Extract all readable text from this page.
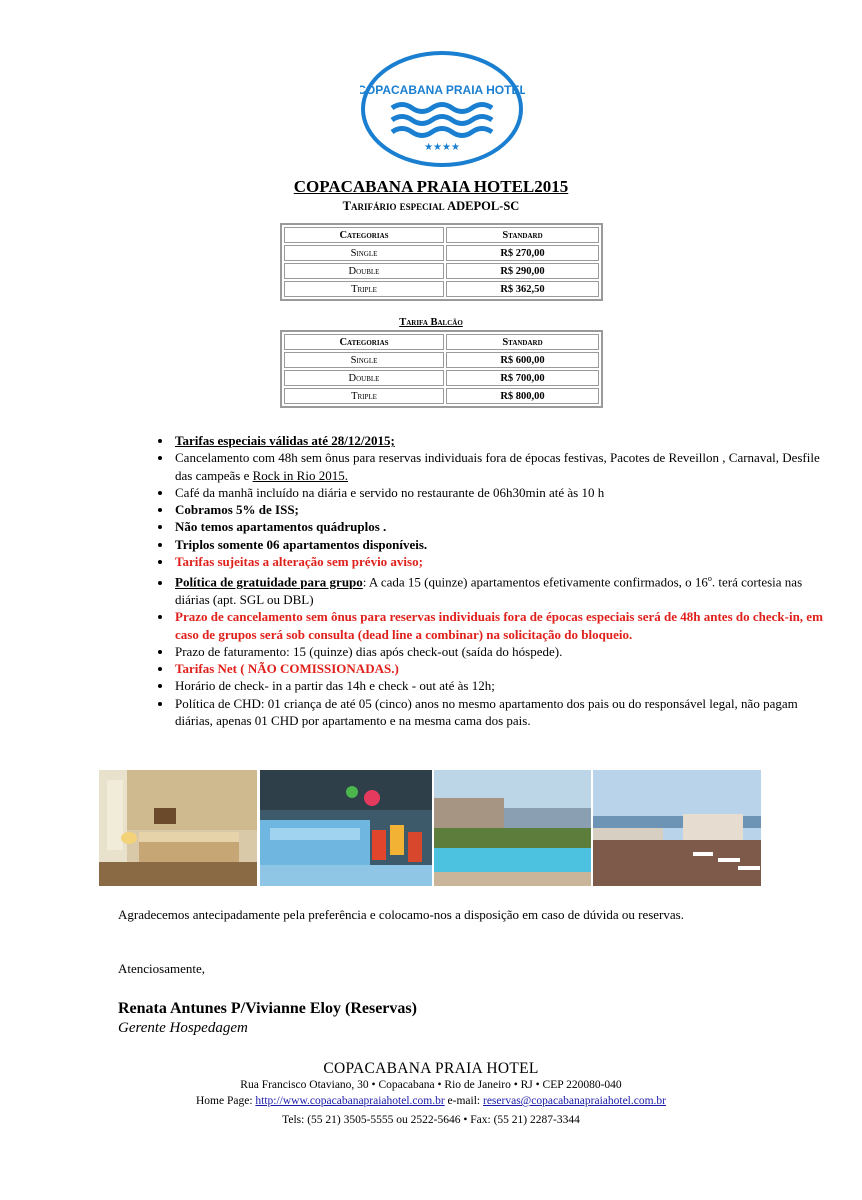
COPACABANA PRAIA HOTEL
★★★★
COPACABANA PRAIA HOTEL2015
Tarifário especial ADEPOL-SC
Categorias	Standard
Single	R$ 270,00
Double	R$ 290,00
Triple	R$ 362,50
Tarifa Balcão
Categorias	Standard
Single	R$ 600,00
Double	R$ 700,00
Triple	R$ 800,00
• Tarifas especiais válidas até 28/12/2015;
• Cancelamento com 48h sem ônus para reservas individuais fora de épocas festivas, Pacotes de Reveillon , Carnaval, Desfile das campeãs e Rock in Rio 2015.
• Café da manhã incluído na diária e servido no restaurante de 06h30min até às 10 h
• Cobramos 5% de ISS;
• Não temos apartamentos quádruplos .
• Triplos somente 06 apartamentos disponíveis.
• Tarifas sujeitas a alteração sem prévio aviso;
• Política de gratuidade para grupo: A cada 15 (quinze) apartamentos efetivamente confirmados, o 16$^o$. terá cortesia nas diárias (apt. SGL ou DBL)
• Prazo de cancelamento sem ônus para reservas individuais fora de épocas especiais será de 48h antes do check-in, em caso de grupos será sob consulta (dead line a combinar) na solicitação do bloqueio.
• Prazo de faturamento: 15 (quinze) dias após check-out (saída do hóspede).
• Tarifas Net ( NÃO COMISSIONADAS.)
• Horário de check- in a partir das 14h e check - out até às 12h;
• Política de CHD: 01 criança de até 05 (cinco) anos no mesmo apartamento dos pais ou do responsável legal, não pagam diárias, apenas 01 CHD por apartamento e na mesma cama dos pais.
Agradecemos antecipadamente pela preferência e colocamo-nos a disposição em caso de dúvida ou reservas.
Atenciosamente,
Renata Antunes P/Vivianne Eloy (Reservas)
Gerente Hospedagem
COPACABANA PRAIA HOTEL
Rua Francisco Otaviano, 30 • Copacabana • Rio de Janeiro • RJ • CEP 220080-040
Home Page: http://www.copacabanapraiahotel.com.br e-mail: reservas@copacabanapraiahotel.com.br
Tels: (55 21) 3505-5555 ou 2522-5646 • Fax: (55 21) 2287-3344
